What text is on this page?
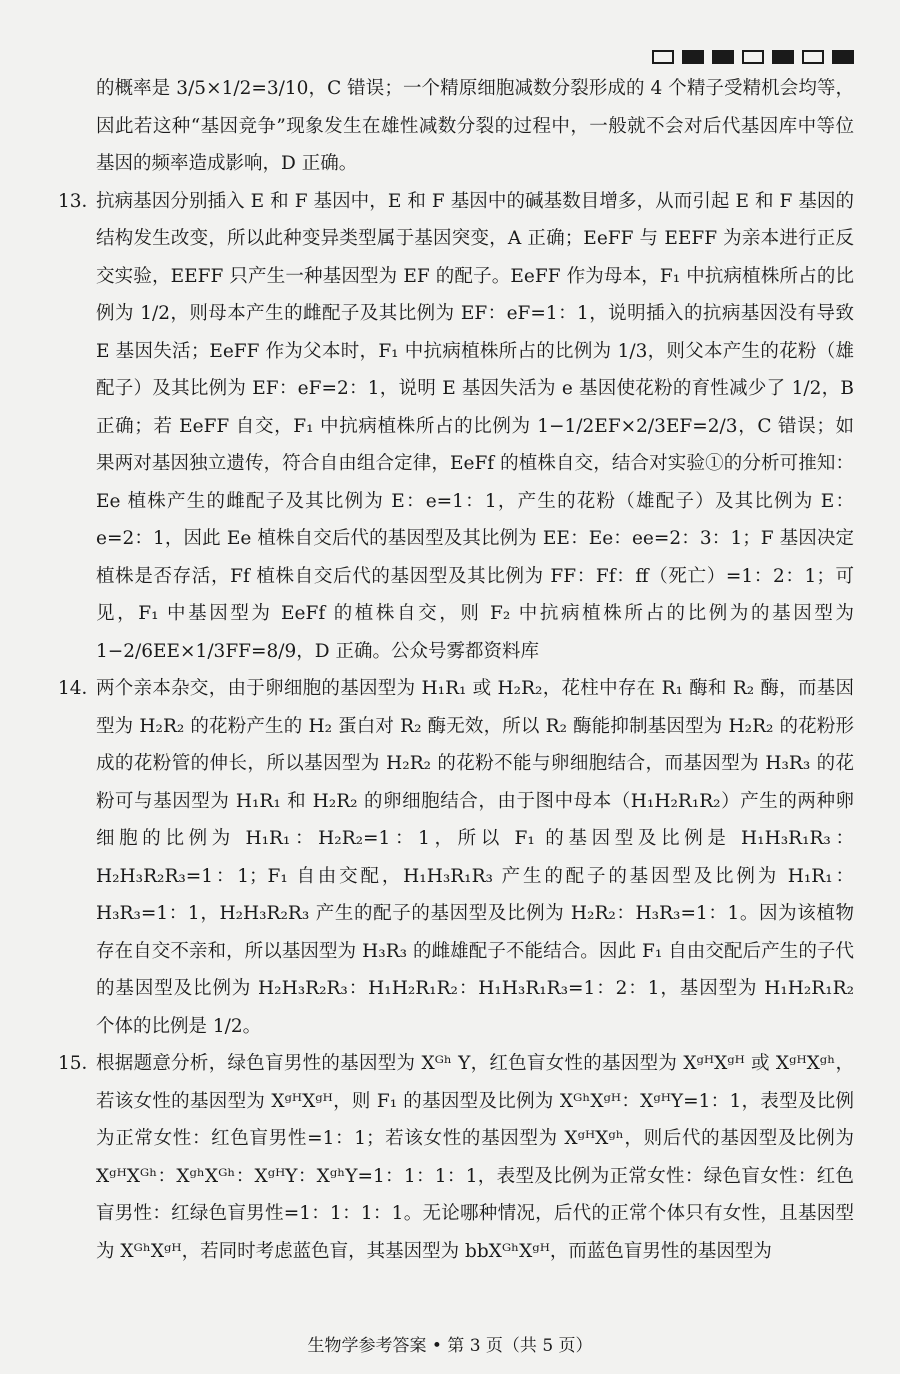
的概率是 3/5×1/2=3/10，C 错误；一个精原细胞减数分裂形成的 4 个精子受精机会均等，因此若这种“基因竞争”现象发生在雄性减数分裂的过程中，一般就不会对后代基因库中等位基因的频率造成影响，D 正确。

13．
抗病基因分别插入 E 和 F 基因中，E 和 F 基因中的碱基数目增多，从而引起 E 和 F 基因的结构发生改变，所以此种变异类型属于基因突变，A 正确；EeFF 与 EEFF 为亲本进行正反交实验，EEFF 只产生一种基因型为 EF 的配子。EeFF 作为母本，F₁ 中抗病植株所占的比例为 1/2，则母本产生的雌配子及其比例为 EF：eF=1：1，说明插入的抗病基因没有导致 E 基因失活；EeFF 作为父本时，F₁ 中抗病植株所占的比例为 1/3，则父本产生的花粉（雄配子）及其比例为 EF：eF=2：1，说明 E 基因失活为 e 基因使花粉的育性减少了 1/2，B 正确；若 EeFF 自交，F₁ 中抗病植株所占的比例为 1−1/2EF×2/3EF=2/3，C 错误；如果两对基因独立遗传，符合自由组合定律，EeFf 的植株自交，结合对实验①的分析可推知：Ee 植株产生的雌配子及其比例为 E：e=1：1，产生的花粉（雄配子）及其比例为 E：e=2：1，因此 Ee 植株自交后代的基因型及其比例为 EE：Ee：ee=2：3：1；F 基因决定植株是否存活，Ff 植株自交后代的基因型及其比例为 FF：Ff：ff（死亡）=1：2：1；可见，F₁ 中基因型为 EeFf 的植株自交，则 F₂ 中抗病植株所占的比例为的基因型为 1−2/6EE×1/3FF=8/9，D 正确。公众号雾都资料库
14．
两个亲本杂交，由于卵细胞的基因型为 H₁R₁ 或 H₂R₂，花柱中存在 R₁ 酶和 R₂ 酶，而基因型为 H₂R₂ 的花粉产生的 H₂ 蛋白对 R₂ 酶无效，所以 R₂ 酶能抑制基因型为 H₂R₂ 的花粉形成的花粉管的伸长，所以基因型为 H₂R₂ 的花粉不能与卵细胞结合，而基因型为 H₃R₃ 的花粉可与基因型为 H₁R₁ 和 H₂R₂ 的卵细胞结合，由于图中母本（H₁H₂R₁R₂）产生的两种卵细胞的比例为 H₁R₁：H₂R₂=1：1，所以 F₁ 的基因型及比例是 H₁H₃R₁R₃：H₂H₃R₂R₃=1：1；F₁ 自由交配，H₁H₃R₁R₃ 产生的配子的基因型及比例为 H₁R₁：H₃R₃=1：1，H₂H₃R₂R₃ 产生的配子的基因型及比例为 H₂R₂：H₃R₃=1：1。因为该植物存在自交不亲和，所以基因型为 H₃R₃ 的雌雄配子不能结合。因此 F₁ 自由交配后产生的子代的基因型及比例为 H₂H₃R₂R₃：H₁H₂R₁R₂：H₁H₃R₁R₃=1：2：1，基因型为 H₁H₂R₁R₂ 个体的比例是 1/2。
15．
根据题意分析，绿色盲男性的基因型为 Xᴳʰ Y，红色盲女性的基因型为 XᵍᴴXᵍᴴ 或 XᵍᴴXᵍʰ，若该女性的基因型为 XᵍᴴXᵍᴴ，则 F₁ 的基因型及比例为 XᴳʰXᵍᴴ：XᵍᴴY=1：1，表型及比例为正常女性：红色盲男性=1：1；若该女性的基因型为 XᵍᴴXᵍʰ，则后代的基因型及比例为 XᵍᴴXᴳʰ：XᵍʰXᴳʰ：XᵍᴴY：XᵍʰY=1：1：1：1，表型及比例为正常女性：绿色盲女性：红色盲男性：红绿色盲男性=1：1：1：1。无论哪种情况，后代的正常个体只有女性，且基因型为 XᴳʰXᵍᴴ，若同时考虑蓝色盲，其基因型为 bbXᴳʰXᵍᴴ，而蓝色盲男性的基因型为
生物学参考答案 • 第 3 页（共 5 页）
